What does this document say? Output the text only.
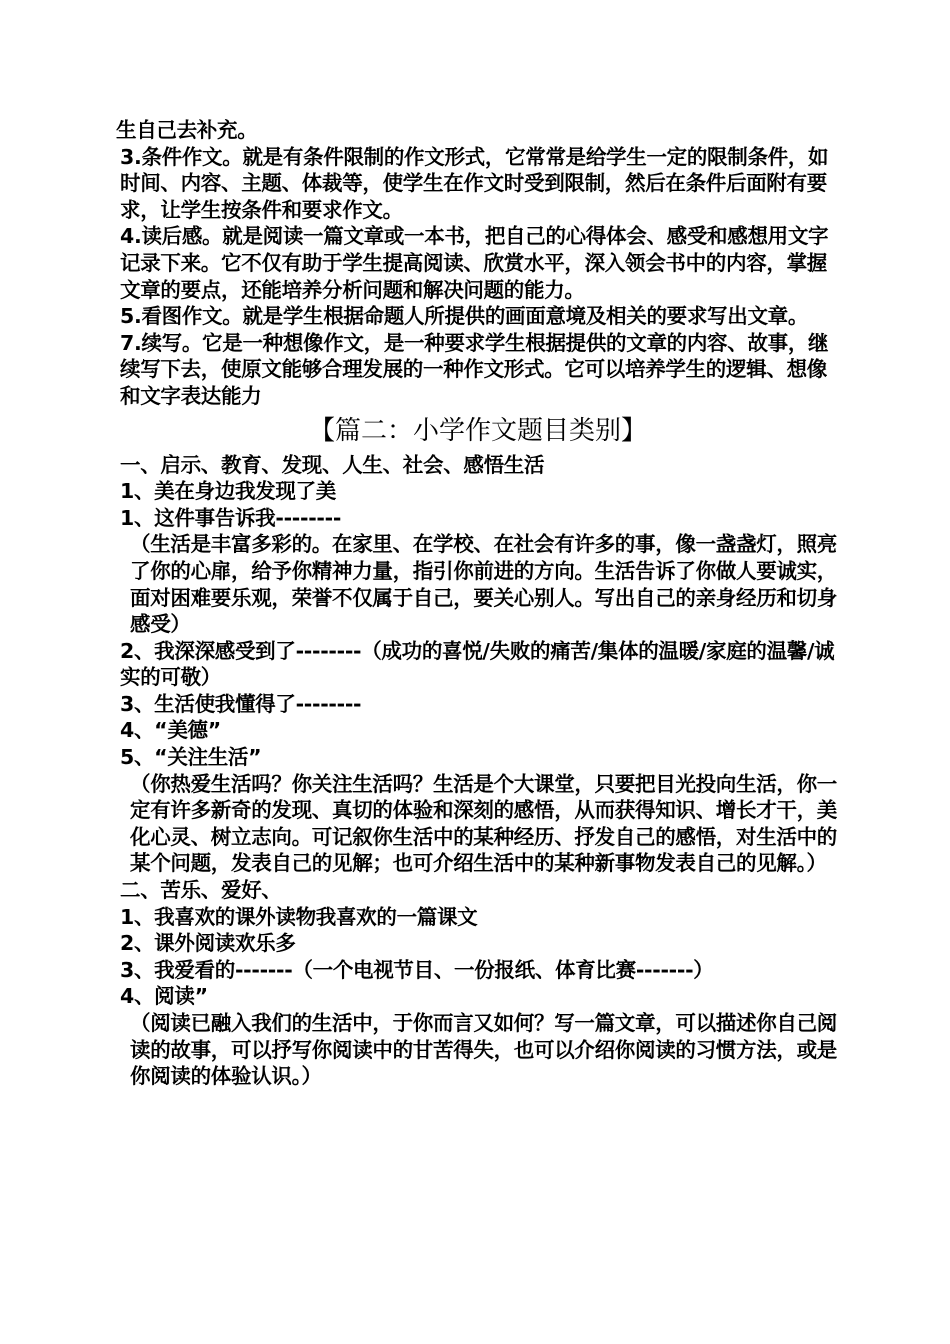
生自己去补充。

3.条件作文。就是有条件限制的作文形式，它常常是给学生一定的限制条件，如时间、内容、主题、体裁等，使学生在作文时受到限制，然后在条件后面附有要求，让学生按条件和要求作文。

4.读后感。就是阅读一篇文章或一本书，把自己的心得体会、感受和感想用文字记录下来。它不仅有助于学生提高阅读、欣赏水平，深入领会书中的内容，掌握文章的要点，还能培养分析问题和解决问题的能力。

5.看图作文。就是学生根据命题人所提供的画面意境及相关的要求写出文章。

7.续写。它是一种想像作文，是一种要求学生根据提供的文章的内容、故事，继续写下去，使原文能够合理发展的一种作文形式。它可以培养学生的逻辑、想像和文字表达能力

【篇二：小学作文题目类别】

一、启示、教育、发现、人生、社会、感悟生活

1、美在身边我发现了美

1、这件事告诉我--------

（生活是丰富多彩的。在家里、在学校、在社会有许多的事，像一盏盏灯，照亮了你的心扉，给予你精神力量，指引你前进的方向。生活告诉了你做人要诚实，面对困难要乐观，荣誉不仅属于自己，要关心别人。写出自己的亲身经历和切身感受）

2、我深深感受到了--------（成功的喜悦/失败的痛苦/集体的温暖/家庭的温馨/诚实的可敬）

3、生活使我懂得了--------

4、“美德”

5、“关注生活”

（你热爱生活吗？你关注生活吗？生活是个大课堂，只要把目光投向生活，你一定有许多新奇的发现、真切的体验和深刻的感悟，从而获得知识、增长才干，美化心灵、树立志向。可记叙你生活中的某种经历、抒发自己的感悟，对生活中的某个问题，发表自己的见解；也可介绍生活中的某种新事物发表自己的见解。）

二、苦乐、爱好、

1、我喜欢的课外读物我喜欢的一篇课文

2、课外阅读欢乐多

3、我爱看的-------（一个电视节目、一份报纸、体育比赛-------）

4、阅读”

（阅读已融入我们的生活中，于你而言又如何？写一篇文章，可以描述你自己阅读的故事，可以抒写你阅读中的甘苦得失，也可以介绍你阅读的习惯方法，或是你阅读的体验认识。）
